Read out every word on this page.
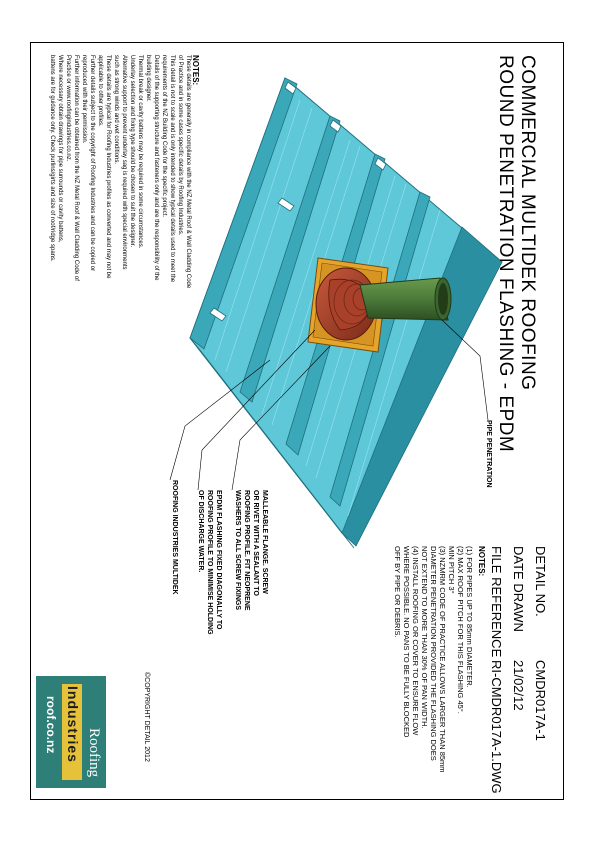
COMMERCIAL MULTIDEK ROOFING
ROUND PENETRATION FLASHING - EPDM
DETAIL NO.
CMDR017A-1
DATE DRAWN
21/02/12
FILE REFERENCE
RI-CMDR017A-1.DWG
NOTES:
(1) FOR PIPES UP TO 85mm DIAMETER.
(2) MAX ROOF PITCH FOR THIS FLASHING 45°.
MIN PITCH 3°
(3) NZMRM CODE OF PRACTICE ALLOWS LARGER THAN 85mm
DIAMETER PENETRATION PROVIDED THE FLASHING DOES
NOT EXTEND TO MORE THAN 30% OF PAN WIDTH.
(4) INSTALL ROOFING OR COVER TO ENSURE FLOW
WHERE POSSIBLE. NO PANS TO BE FULLY BLOCKED
OFF BY PIPE OR DEBRIS.
PIPE PENETRATION
MALLEABLE FLANGE. SCREW
OR RIVET WITH A SEALANT TO
ROOFING PROFILE. FIT NEOPRENE
WASHERS TO ALL SCREW FIXINGS
EPDM FLASHING FIXED DIAGONALLY TO
ROOFING PROFILE TO MINIMISE HOLDING
OF DISCHARGE WATER.
ROOFING INDUSTRIES MULTIDEK
NOTES:
These details are generally in compliance with the NZ Metal Roof & Wall Cladding Code
of Practice and in some cases specific details by Roofing Industries.
This detail is not to scale and is only intended to show typical details used to meet the
requirements of the NZ Building Code for the specific project.
Details of the supporting structure and fasteners only and are the responsibility of the
building designer.
Thermal break or cavity battens may be required in some circumstances.
Underlay selection and fixing type should be chosen to suit the designer.
Alternative support to prevent underlay sag is required with special environments
such as strong winds and wet conditions.
These details are typical for Roofing Industries profiles as converted and may not be
applicable to other profiles.
Further details subject to the copyright of Roofing Industries and can be copied or
reproduced with their permission.
Further information can be obtained from the NZ Metal Roof & Wall Cladding Code of
Practice or www.roofingindustries.co.nz.
Where necessary obtain drawings for pipe surrounds or cavity battens,
battens are for guidance only. Check purlins/girts and size of roof/ridge spans.
©COPYRIGHT DETAIL 2012
Roofing
Industries
roof.co.nz
